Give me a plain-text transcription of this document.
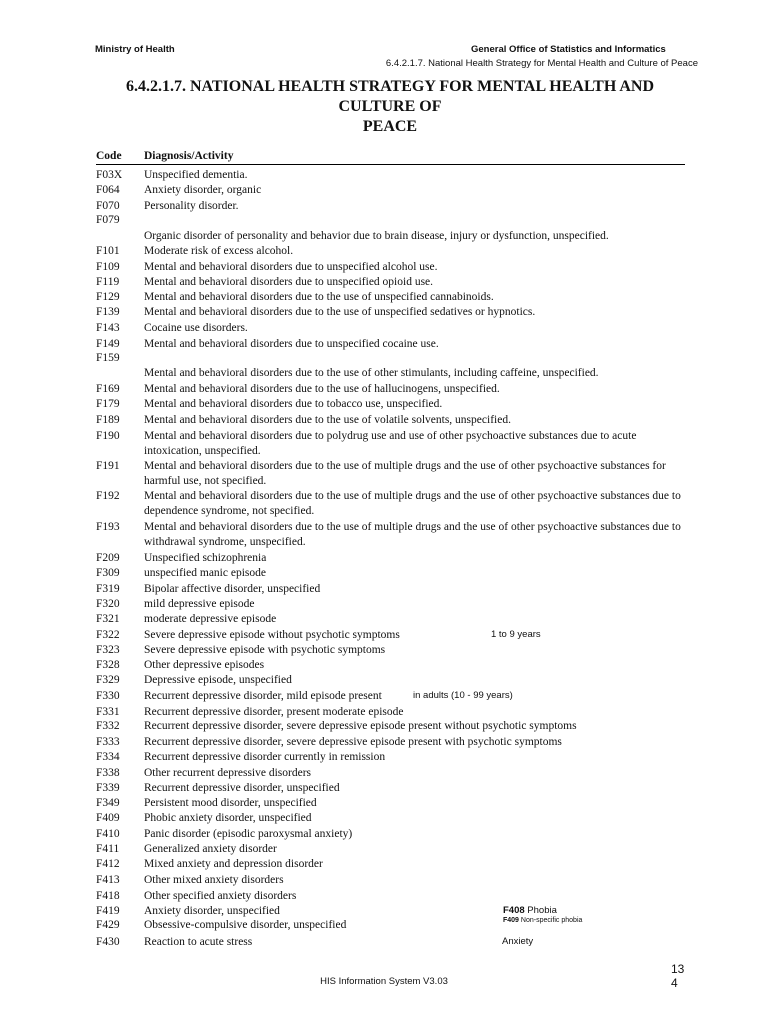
Ministry of Health	General Office of Statistics and Informatics
6.4.2.1.7. National Health Strategy for Mental Health and Culture of Peace
6.4.2.1.7. NATIONAL HEALTH STRATEGY FOR MENTAL HEALTH AND
CULTURE OF
PEACE
Code Diagnosis/Activity
F03X Unspecified dementia.
F064 Anxiety disorder, organic
F070 Personality disorder.
F079
Organic disorder of personality and behavior due to brain disease, injury or dysfunction, unspecified.
F101 Moderate risk of excess alcohol.
F109 Mental and behavioral disorders due to unspecified alcohol use.
F119 Mental and behavioral disorders due to unspecified opioid use.
F129 Mental and behavioral disorders due to the use of unspecified cannabinoids.
F139 Mental and behavioral disorders due to the use of unspecified sedatives or hypnotics.
F143 Cocaine use disorders.
F149 Mental and behavioral disorders due to unspecified cocaine use.
F159
Mental and behavioral disorders due to the use of other stimulants, including caffeine, unspecified.
F169 Mental and behavioral disorders due to the use of hallucinogens, unspecified.
F179 Mental and behavioral disorders due to tobacco use, unspecified.
F189 Mental and behavioral disorders due to the use of volatile solvents, unspecified.
F190 Mental and behavioral disorders due to polydrug use and use of other psychoactive substances due to acute intoxication, unspecified.
F191 Mental and behavioral disorders due to the use of multiple drugs and the use of other psychoactive substances for harmful use, not specified.
F192 Mental and behavioral disorders due to the use of multiple drugs and the use of other psychoactive substances due to dependence syndrome, not specified.
F193 Mental and behavioral disorders due to the use of multiple drugs and the use of other psychoactive substances due to withdrawal syndrome, unspecified.
F209 Unspecified schizophrenia
F309 unspecified manic episode
F319 Bipolar affective disorder, unspecified
F320 mild depressive episode
F321 moderate depressive episode
F322 Severe depressive episode without psychotic symptoms
F323 Severe depressive episode with psychotic symptoms
F328 Other depressive episodes
F329 Depressive episode, unspecified
F330 Recurrent depressive disorder, mild episode present
F331 Recurrent depressive disorder, present moderate episode
F332 Recurrent depressive disorder, severe depressive episode present without psychotic symptoms
F333 Recurrent depressive disorder, severe depressive episode present with psychotic symptoms
F334 Recurrent depressive disorder currently in remission
F338 Other recurrent depressive disorders
F339 Recurrent depressive disorder, unspecified
F349 Persistent mood disorder, unspecified
F409 Phobic anxiety disorder, unspecified
F410 Panic disorder (episodic paroxysmal anxiety)
F411 Generalized anxiety disorder
F412 Mixed anxiety and depression disorder
F413 Other mixed anxiety disorders
F418 Other specified anxiety disorders
F419 Anxiety disorder, unspecified
F429 Obsessive-compulsive disorder, unspecified
F430 Reaction to acute stress
1 to 9 years
in adults (10 - 99 years)
F408 Phobia
F409 Non-specific phobia
Anxiety
HIS Information System V3.03
13
4
